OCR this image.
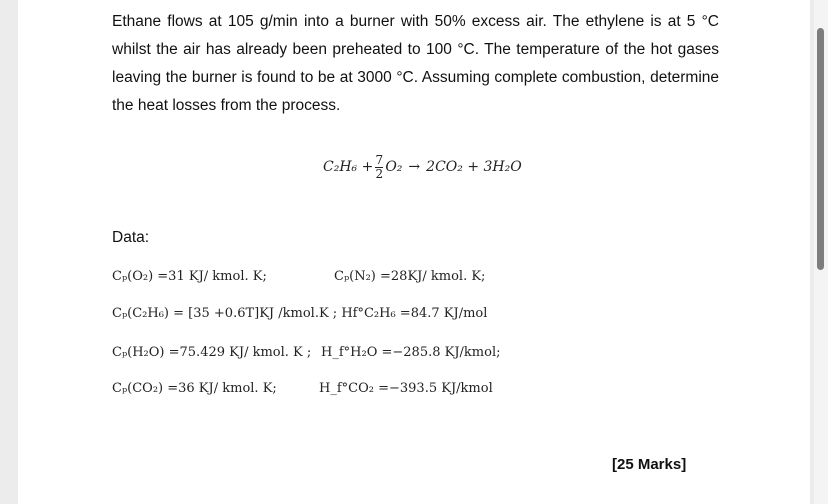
Ethane flows at 105 g/min into a burner with 50% excess air. The ethylene is at 5 °C whilst the air has already been preheated to 100 °C. The temperature of the hot gases leaving the burner is found to be at 3000 °C. Assuming complete combustion, determine the heat losses from the process.
$C_2H_6 + \frac{7}{2} O_2 \to 2CO_2 + 3H_2O$
Data:
Cₚ(O₂) =31 KJ/ kmol. K;	Cₚ(N₂) =28KJ/ kmol. K;
Cₚ(C₂H₆) = [35 +0.6T]KJ /kmol.K ; Hf°C₂H₆ =84.7 KJ/mol
Cₚ(H₂O) =75.429 KJ/ kmol. K ; H_f°H₂O =−285.8 KJ/kmol;
Cₚ(CO₂) =36 KJ/ kmol. K;	H_f°CO₂ =−393.5 KJ/kmol
[25 Marks]
